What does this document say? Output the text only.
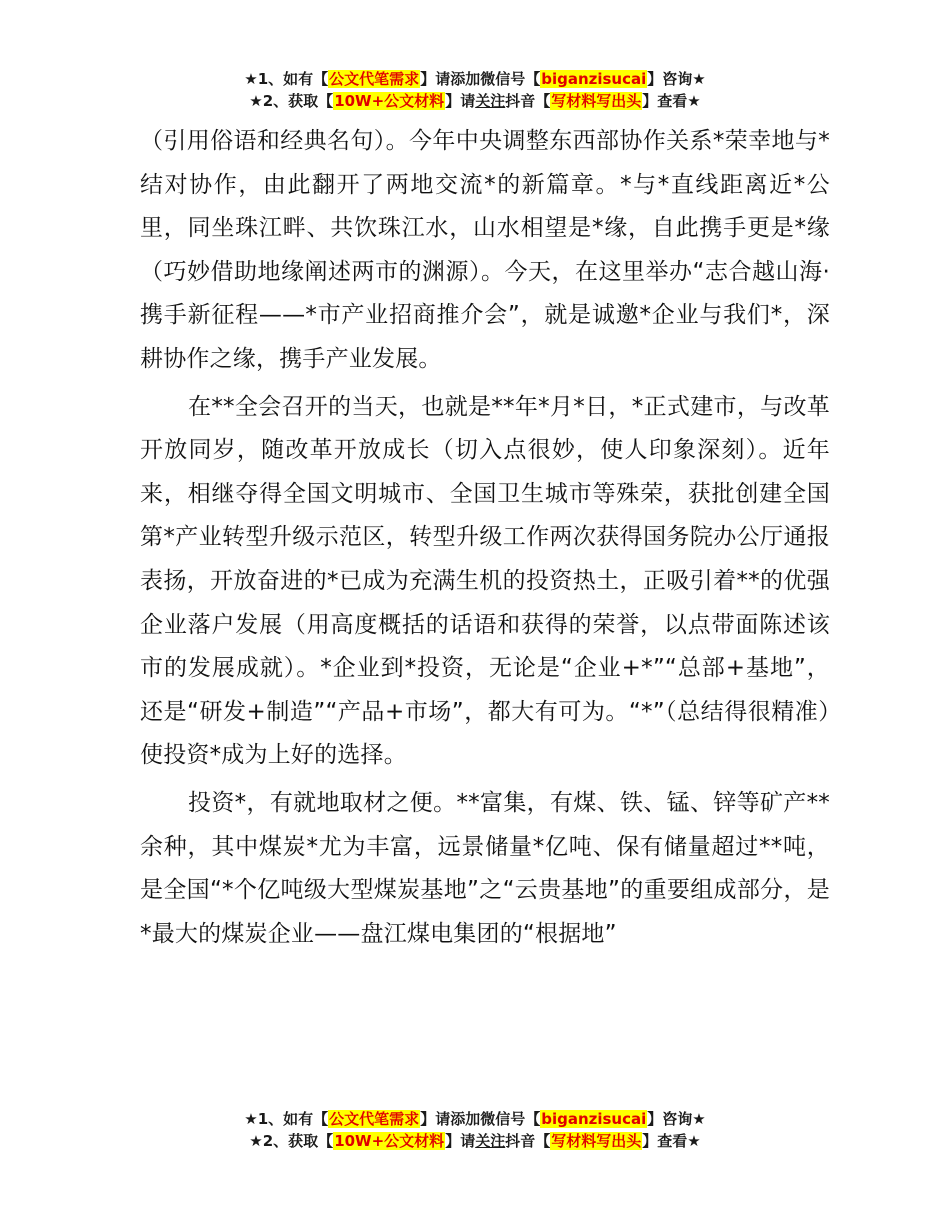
★1、如有【公文代笔需求】请添加微信号【biganzisucai】咨询★
★2、获取【10W+公文材料】请关注抖音【写材料写出头】查看★

（引用俗语和经典名句）。今年中央调整东西部协作关系*荣幸地与*结对协作，由此翻开了两地交流*的新篇章。*与*直线距离近*公里，同坐珠江畔、共饮珠江水，山水相望是*缘，自此携手更是*缘（巧妙借助地缘阐述两市的渊源）。今天，在这里举办“志合越山海·携手新征程——*市产业招商推介会”，就是诚邀*企业与我们*，深耕协作之缘，携手产业发展。

在**全会召开的当天，也就是**年*月*日，*正式建市，与改革开放同岁，随改革开放成长（切入点很妙，使人印象深刻）。近年来，相继夺得全国文明城市、全国卫生城市等殊荣，获批创建全国第*产业转型升级示范区，转型升级工作两次获得国务院办公厅通报表扬，开放奋进的*已成为充满生机的投资热土，正吸引着**的优强企业落户发展（用高度概括的话语和获得的荣誉，以点带面陈述该市的发展成就）。*企业到*投资，无论是“企业+*”“总部+基地”，还是“研发+制造”“产品+市场”，都大有可为。“*”（总结得很精准）使投资*成为上好的选择。

投资*，有就地取材之便。**富集，有煤、铁、锰、锌等矿产**余种，其中煤炭*尤为丰富，远景储量*亿吨、保有储量超过**吨，是全国“*个亿吨级大型煤炭基地”之“云贵基地”的重要组成部分，是*最大的煤炭企业——盘江煤电集团的“根据地”

★1、如有【公文代笔需求】请添加微信号【biganzisucai】咨询★
★2、获取【10W+公文材料】请关注抖音【写材料写出头】查看★
